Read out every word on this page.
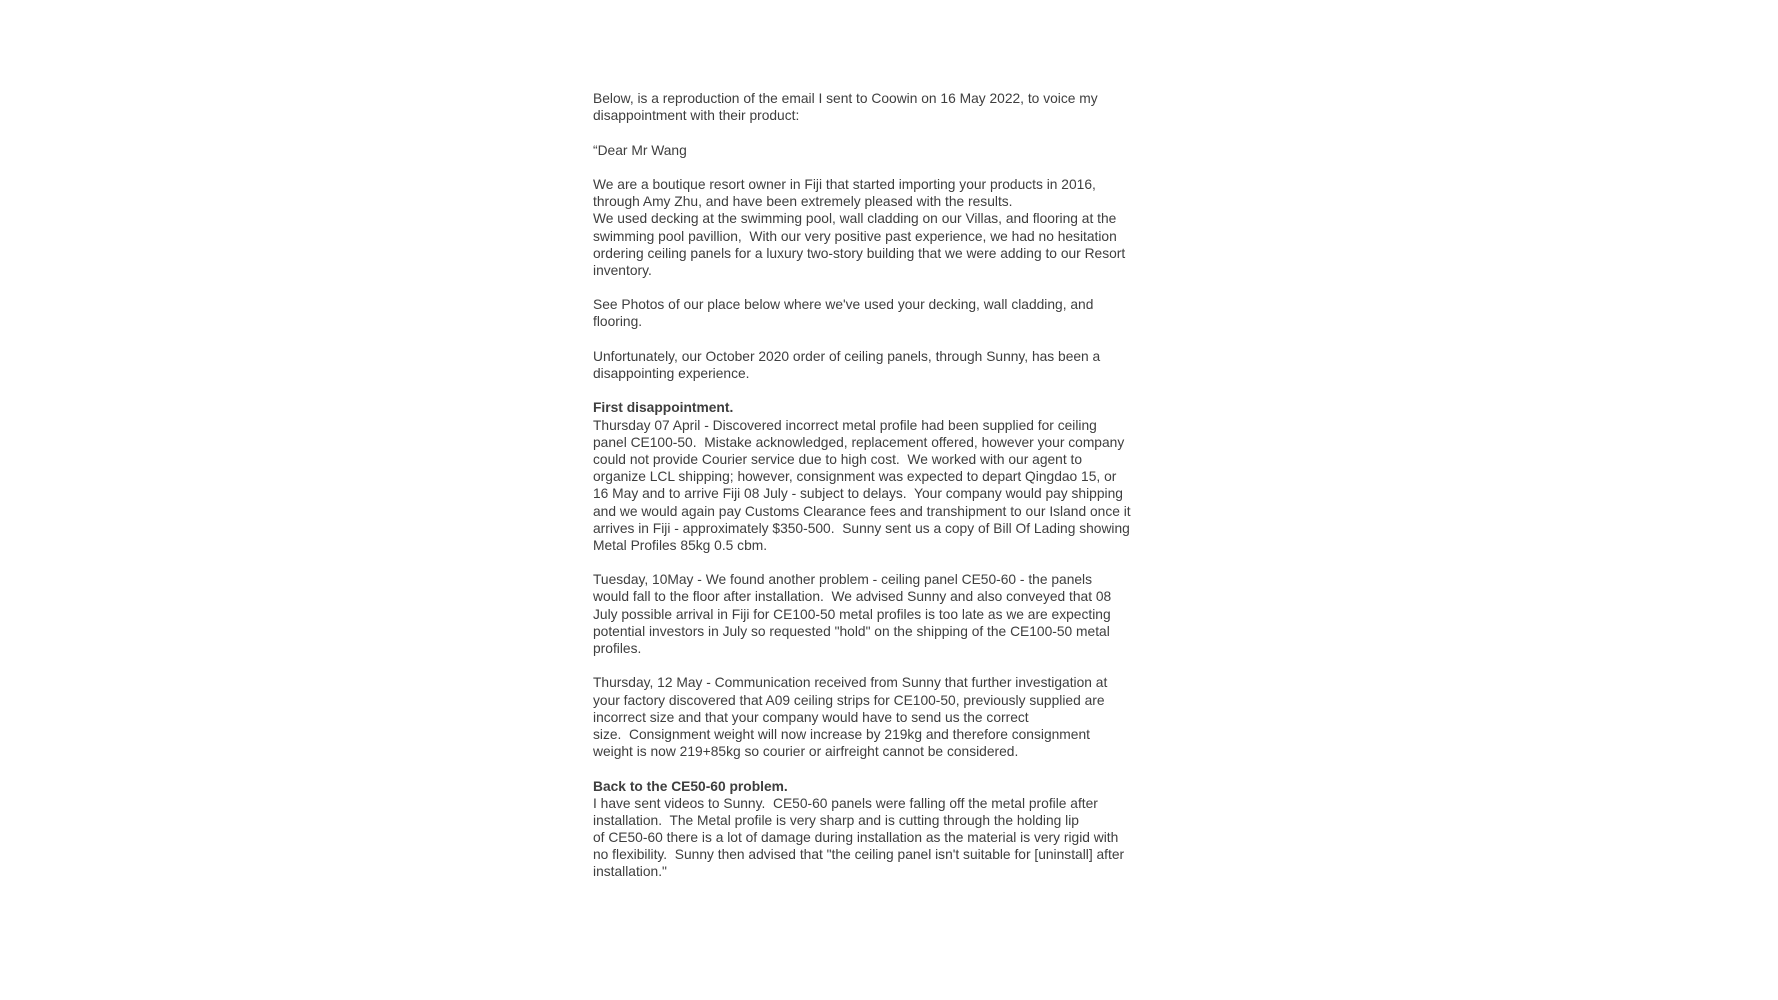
Below, is a reproduction of the email I sent to Coowin on 16 May 2022, to voice my
disappointment with their product:
“Dear Mr Wang
We are a boutique resort owner in Fiji that started importing your products in 2016,
through Amy Zhu, and have been extremely pleased with the results.
We used decking at the swimming pool, wall cladding on our Villas, and flooring at the
swimming pool pavillion,  With our very positive past experience, we had no hesitation
ordering ceiling panels for a luxury two-story building that we were adding to our Resort
inventory.
See Photos of our place below where we've used your decking, wall cladding, and
flooring.
Unfortunately, our October 2020 order of ceiling panels, through Sunny, has been a
disappointing experience.
First disappointment.
Thursday 07 April - Discovered incorrect metal profile had been supplied for ceiling
panel CE100-50.  Mistake acknowledged, replacement offered, however your company
could not provide Courier service due to high cost.  We worked with our agent to
organize LCL shipping; however, consignment was expected to depart Qingdao 15, or
16 May and to arrive Fiji 08 July - subject to delays.  Your company would pay shipping
and we would again pay Customs Clearance fees and transhipment to our Island once it
arrives in Fiji - approximately $350-500.  Sunny sent us a copy of Bill Of Lading showing
Metal Profiles 85kg 0.5 cbm.
Tuesday, 10May - We found another problem - ceiling panel CE50-60 - the panels
would fall to the floor after installation.  We advised Sunny and also conveyed that 08
July possible arrival in Fiji for CE100-50 metal profiles is too late as we are expecting
potential investors in July so requested "hold" on the shipping of the CE100-50 metal
profiles.
Thursday, 12 May - Communication received from Sunny that further investigation at
your factory discovered that A09 ceiling strips for CE100-50, previously supplied are
incorrect size and that your company would have to send us the correct
size.  Consignment weight will now increase by 219kg and therefore consignment
weight is now 219+85kg so courier or airfreight cannot be considered.
Back to the CE50-60 problem.
I have sent videos to Sunny.  CE50-60 panels were falling off the metal profile after
installation.  The Metal profile is very sharp and is cutting through the holding lip
of CE50-60 there is a lot of damage during installation as the material is very rigid with
no flexibility.  Sunny then advised that "the ceiling panel isn't suitable for [uninstall] after
installation."
